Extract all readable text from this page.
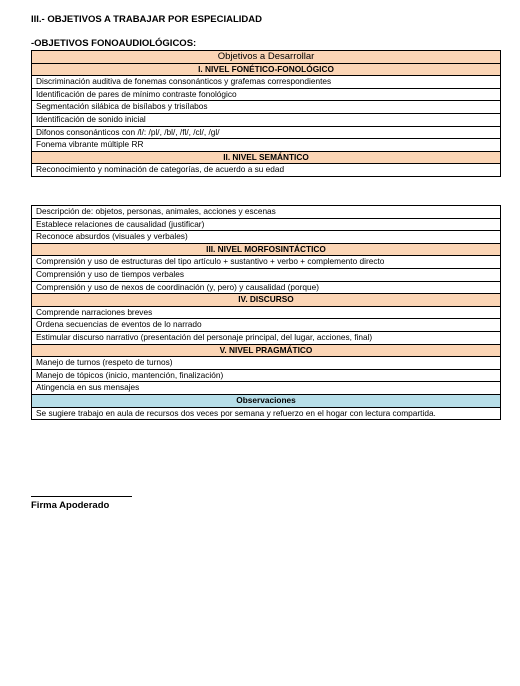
III.- OBJETIVOS A TRABAJAR POR ESPECIALIDAD
-OBJETIVOS FONOAUDIOLÓGICOS:
Objetivos a Desarrollar
I. NIVEL FONÉTICO-FONOLÓGICO
Discriminación auditiva de fonemas consonánticos y grafemas correspondientes
Identificación de pares de mínimo contraste fonológico
Segmentación silábica de bisílabos y trisílabos
Identificación de sonido inicial
Difonos consonánticos con /l/: /pl/, /bl/, /fl/, /cl/, /gl/
Fonema vibrante múltiple RR
II. NIVEL SEMÁNTICO
Reconocimiento y nominación de categorías, de acuerdo a su edad
Descripción de: objetos, personas, animales, acciones y escenas
Establece relaciones de causalidad (justificar)
Reconoce absurdos (visuales y verbales)
III. NIVEL MORFOSINTÁCTICO
Comprensión y uso de estructuras del tipo artículo + sustantivo + verbo + complemento directo
Comprensión y uso de tiempos verbales
Comprensión y uso de nexos de coordinación (y, pero) y causalidad (porque)
IV. DISCURSO
Comprende narraciones breves
Ordena secuencias de eventos de lo narrado
Estimular discurso narrativo (presentación del personaje principal, del lugar, acciones, final)
V. NIVEL PRAGMÁTICO
Manejo de turnos (respeto de turnos)
Manejo de tópicos (inicio, mantención, finalización)
Atingencia en sus mensajes
Observaciones
Se sugiere trabajo en aula de recursos dos veces por semana y refuerzo en el hogar con lectura compartida.
Firma Apoderado
